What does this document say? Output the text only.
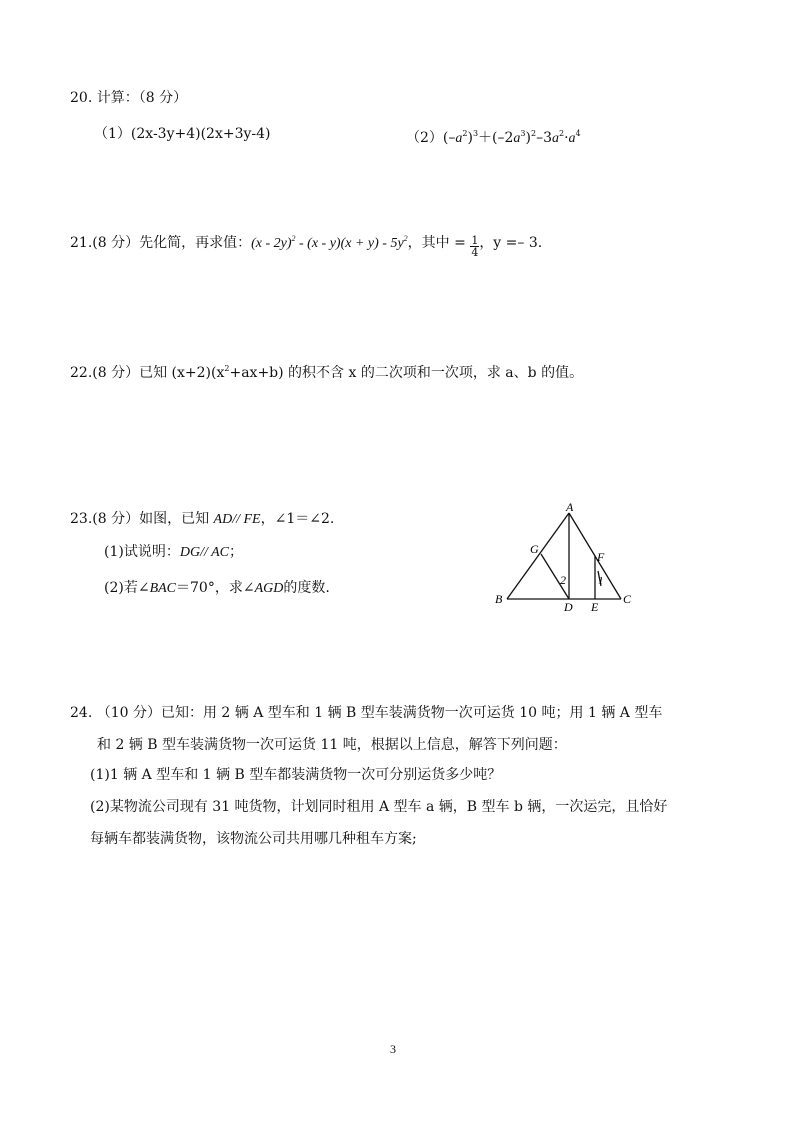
20. 计算：（8 分）
（1）(2x-3y+4)(2x+3y-4)	$(2)(-a^2)^3+(-2a^3)^2-3a^2\cdot a^4$
21.(8 分）先化简，再求值：$(x - 2y)^2 - (x - y)(x + y) - 5y^2$，其中 = $\frac{1}{4}$ ，y =– 3.
22.(8 分）已知 $(x+2)(x^2+ax+b)$ 的积不含 x 的二次项和一次项，求 a、b 的值。
23.(8 分）如图，已知 AD// FE，∠1＝∠2.
(1)试说明：DG// AC；
(2)若∠BAC＝70°，求∠AGD的度数.
A
B	C
D E
F
G
2	1
24. （10 分）已知：用 2 辆 A 型车和 1 辆 B 型车装满货物一次可运货 10 吨；用 1 辆 A 型车
和 2 辆 B 型车装满货物一次可运货 11 吨，根据以上信息，解答下列问题：
(1)1 辆 A 型车和 1 辆 B 型车都装满货物一次可分别运货多少吨？
(2)某物流公司现有 31 吨货物，计划同时租用 A 型车 a 辆，B 型车 b 辆，一次运完，且恰好
每辆车都装满货物，该物流公司共用哪几种租车方案;
3
